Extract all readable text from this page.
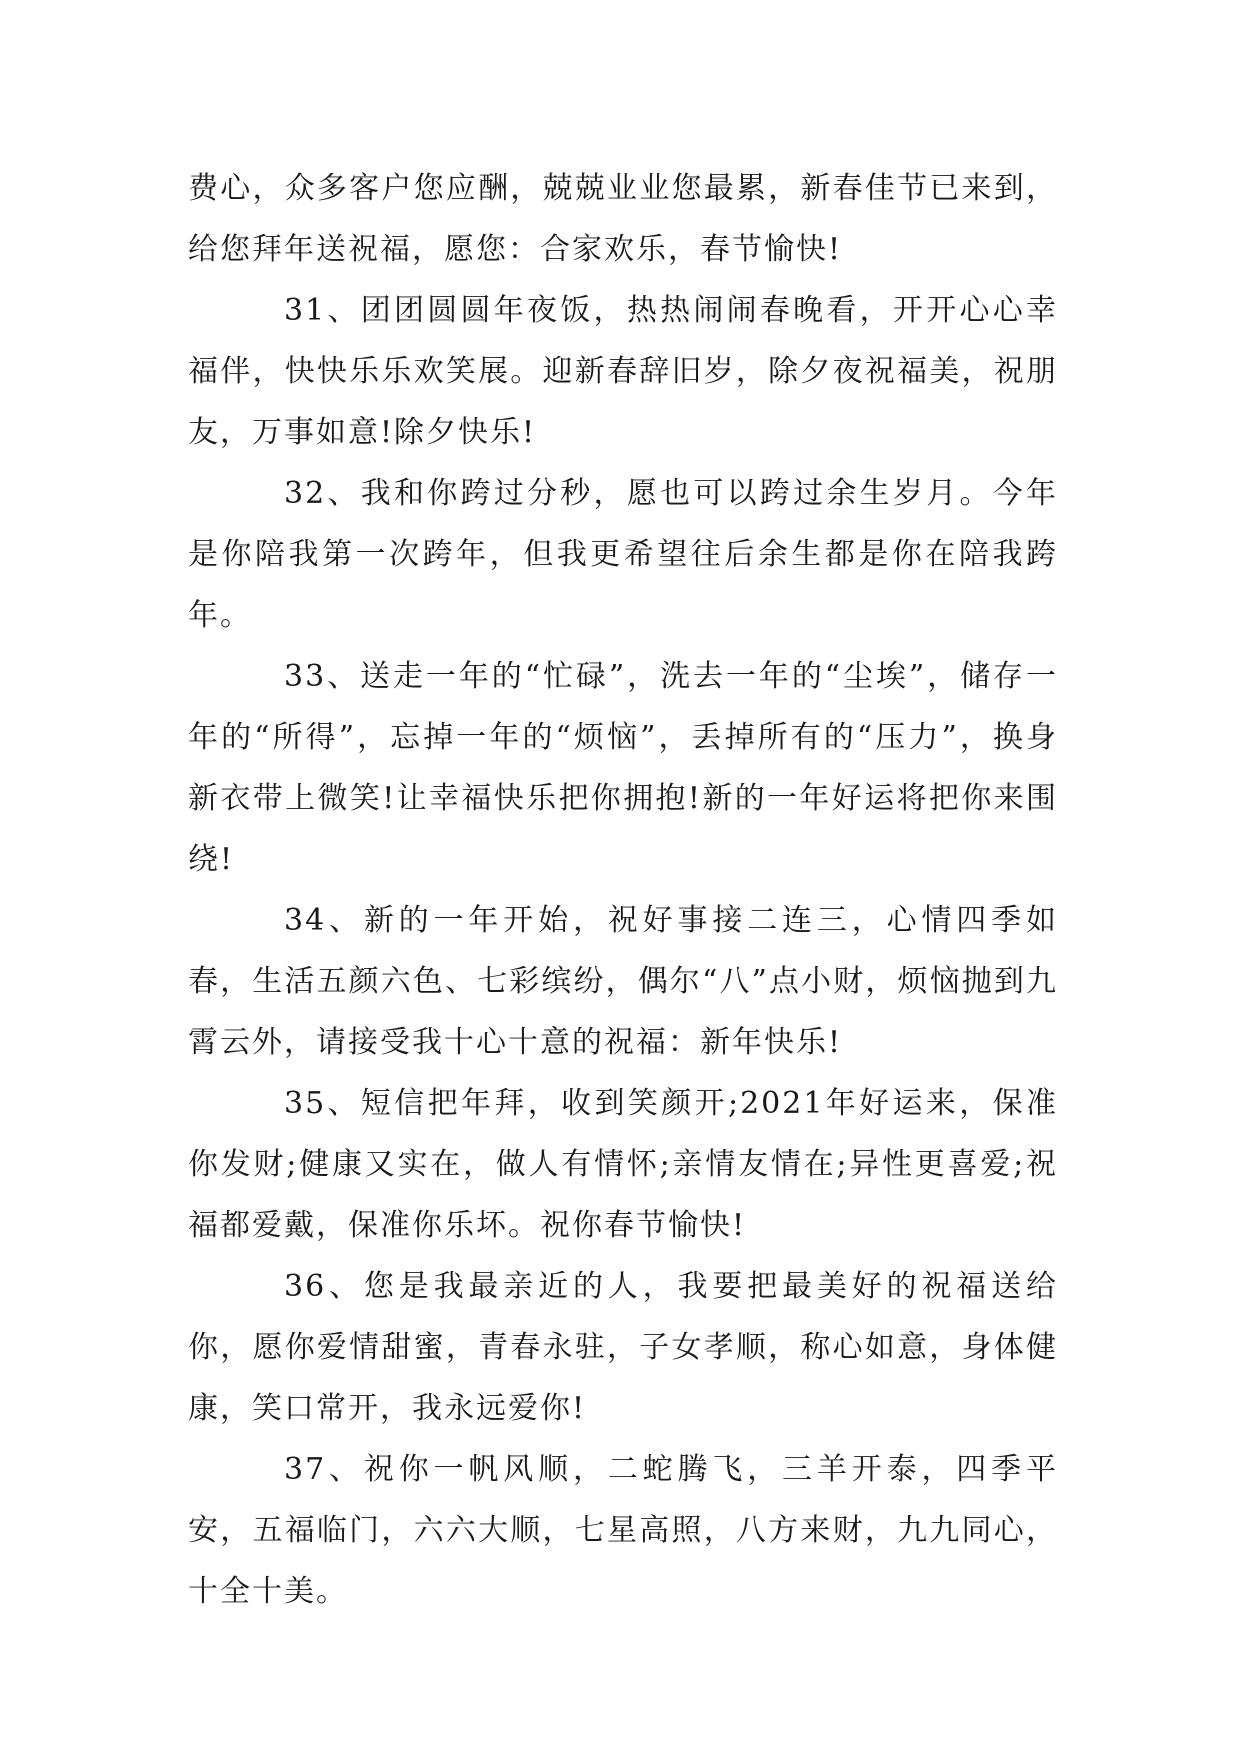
费心，众多客户您应酬，兢兢业业您最累，新春佳节已来到，给您拜年送祝福，愿您：合家欢乐，春节愉快!

31、团团圆圆年夜饭，热热闹闹春晚看，开开心心幸福伴，快快乐乐欢笑展。迎新春辞旧岁，除夕夜祝福美，祝朋友，万事如意!除夕快乐!

32、我和你跨过分秒，愿也可以跨过余生岁月。今年是你陪我第一次跨年，但我更希望往后余生都是你在陪我跨年。

33、送走一年的“忙碌”，洗去一年的“尘埃”，储存一年的“所得”，忘掉一年的“烦恼”，丢掉所有的“压力”，换身新衣带上微笑!让幸福快乐把你拥抱!新的一年好运将把你来围绕!

34、新的一年开始，祝好事接二连三，心情四季如春，生活五颜六色、七彩缤纷，偶尔“八”点小财，烦恼抛到九霄云外，请接受我十心十意的祝福：新年快乐!

35、短信把年拜，收到笑颜开;2021年好运来，保准你发财;健康又实在，做人有情怀;亲情友情在;异性更喜爱;祝福都爱戴，保准你乐坏。祝你春节愉快!

36、您是我最亲近的人，我要把最美好的祝福送给你，愿你爱情甜蜜，青春永驻，子女孝顺，称心如意，身体健康，笑口常开，我永远爱你!

37、祝你一帆风顺，二蛇腾飞，三羊开泰，四季平安，五福临门，六六大顺，七星高照，八方来财，九九同心，十全十美。
